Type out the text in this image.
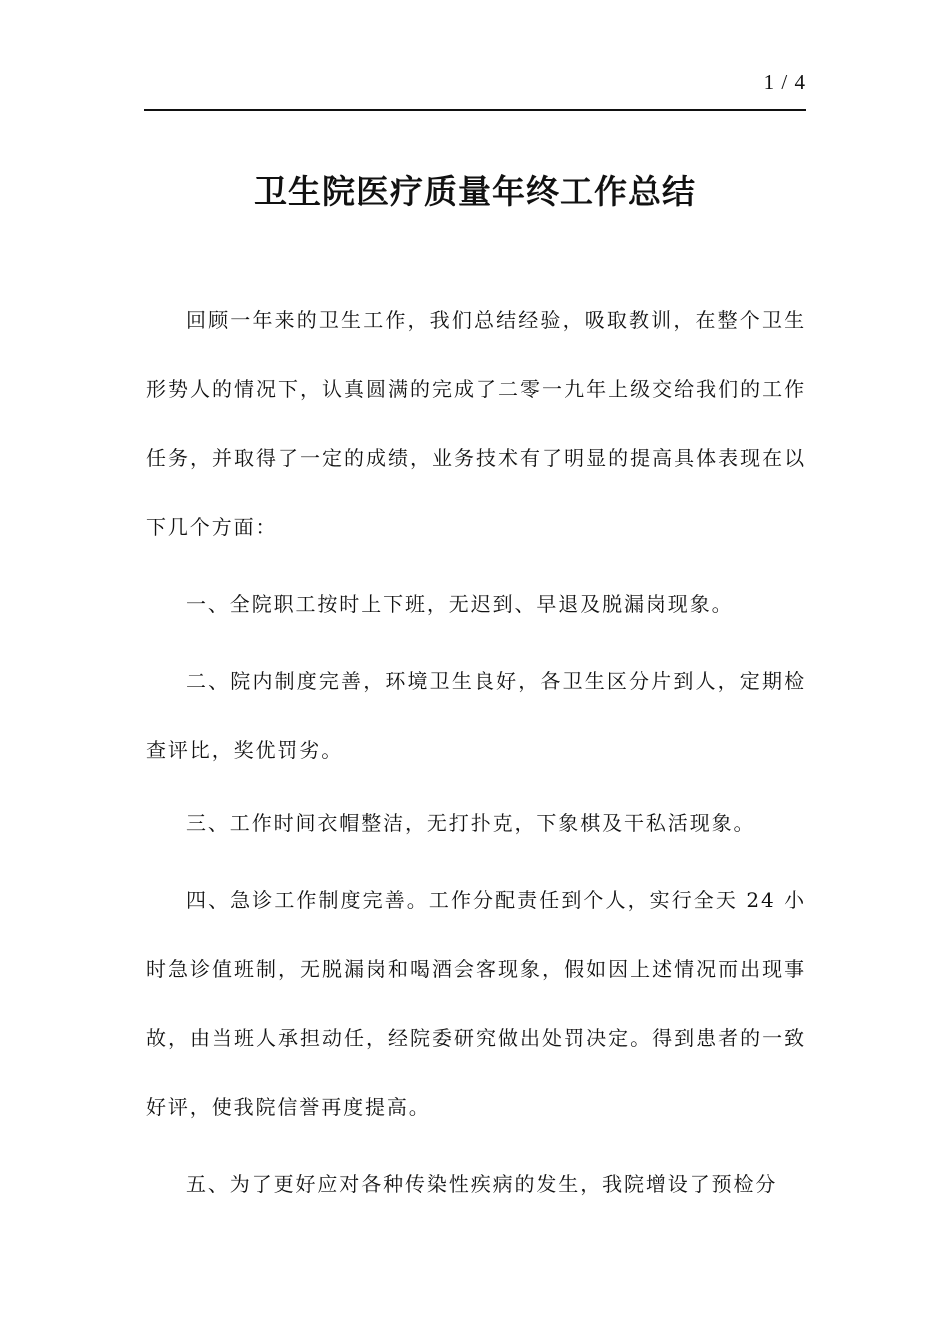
1 / 4
卫生院医疗质量年终工作总结

回顾一年来的卫生工作，我们总结经验，吸取教训，在整个卫生形势人的情况下，认真圆满的完成了二零一九年上级交给我们的工作任务，并取得了一定的成绩，业务技术有了明显的提高具体表现在以下几个方面：

一、全院职工按时上下班，无迟到、早退及脱漏岗现象。

二、院内制度完善，环境卫生良好，各卫生区分片到人，定期检查评比，奖优罚劣。

三、工作时间衣帽整洁，无打扑克，下象棋及干私活现象。

四、急诊工作制度完善。工作分配责任到个人，实行全天 24 小时急诊值班制，无脱漏岗和喝酒会客现象，假如因上述情况而出现事故，由当班人承担动任，经院委研究做出处罚决定。得到患者的一致好评，使我院信誉再度提高。

五、为了更好应对各种传染性疾病的发生，我院增设了预检分
